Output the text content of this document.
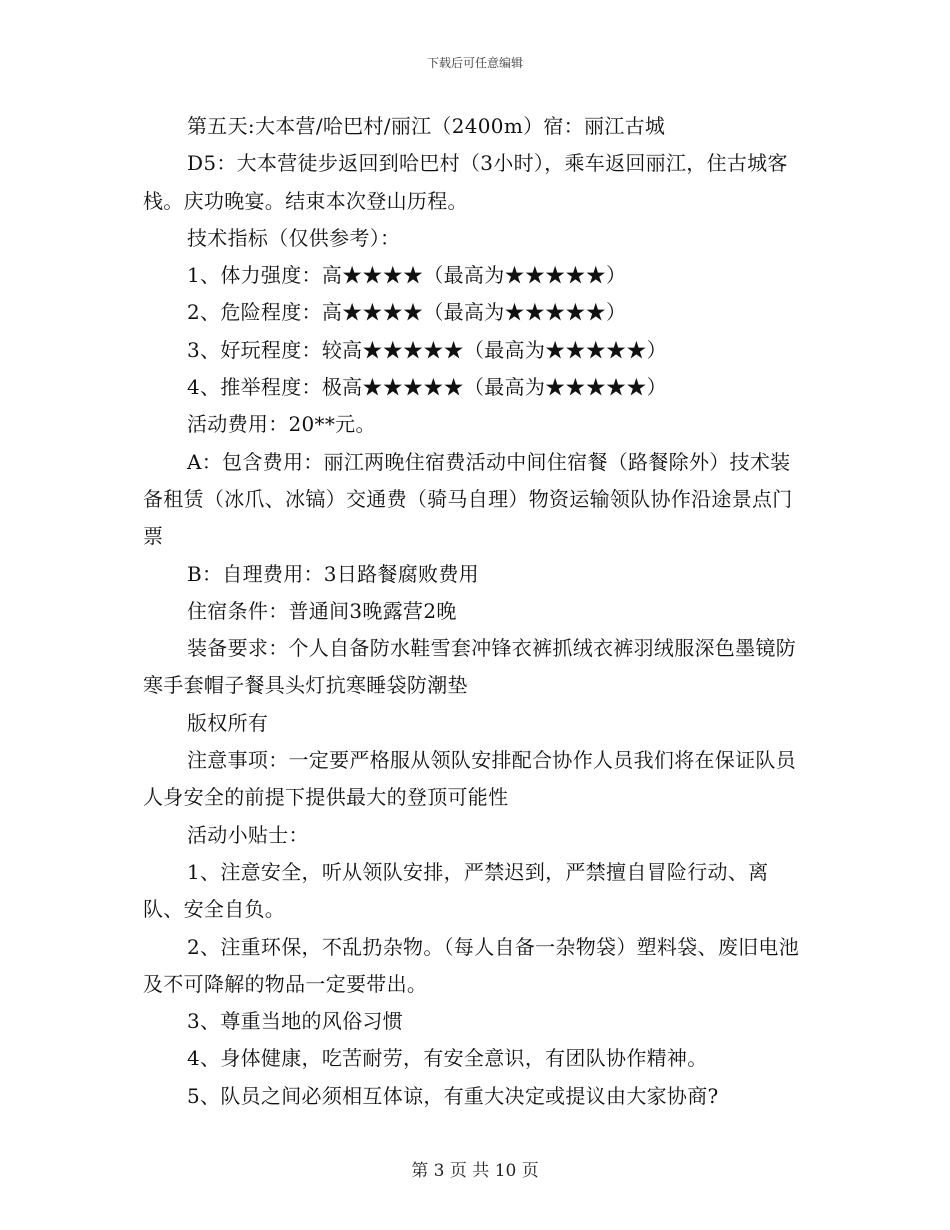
下载后可任意编辑

第五天:大本营/哈巴村/丽江（2400m）宿：丽江古城

D5：大本营徒步返回到哈巴村（3小时），乘车返回丽江，住古城客栈。庆功晚宴。结束本次登山历程。

技术指标（仅供参考）：

1、体力强度：高★★★★（最高为★★★★★）

2、危险程度：高★★★★（最高为★★★★★）

3、好玩程度：较高★★★★★（最高为★★★★★）

4、推举程度：极高★★★★★（最高为★★★★★）

活动费用：20**元。

A：包含费用：丽江两晚住宿费活动中间住宿餐（路餐除外）技术装备租赁（冰爪、冰镐）交通费（骑马自理）物资运输领队协作沿途景点门票

B：自理费用：3日路餐腐败费用

住宿条件：普通间3晚露营2晚

装备要求：个人自备防水鞋雪套冲锋衣裤抓绒衣裤羽绒服深色墨镜防寒手套帽子餐具头灯抗寒睡袋防潮垫

版权所有

注意事项：一定要严格服从领队安排配合协作人员我们将在保证队员人身安全的前提下提供最大的登顶可能性

活动小贴士：

1、注意安全，听从领队安排，严禁迟到，严禁擅自冒险行动、离队、安全自负。

2、注重环保，不乱扔杂物。（每人自备一杂物袋）塑料袋、废旧电池及不可降解的物品一定要带出。

3、尊重当地的风俗习惯

4、身体健康，吃苦耐劳，有安全意识，有团队协作精神。

5、队员之间必须相互体谅，有重大决定或提议由大家协商?

第 3 页 共 10 页
